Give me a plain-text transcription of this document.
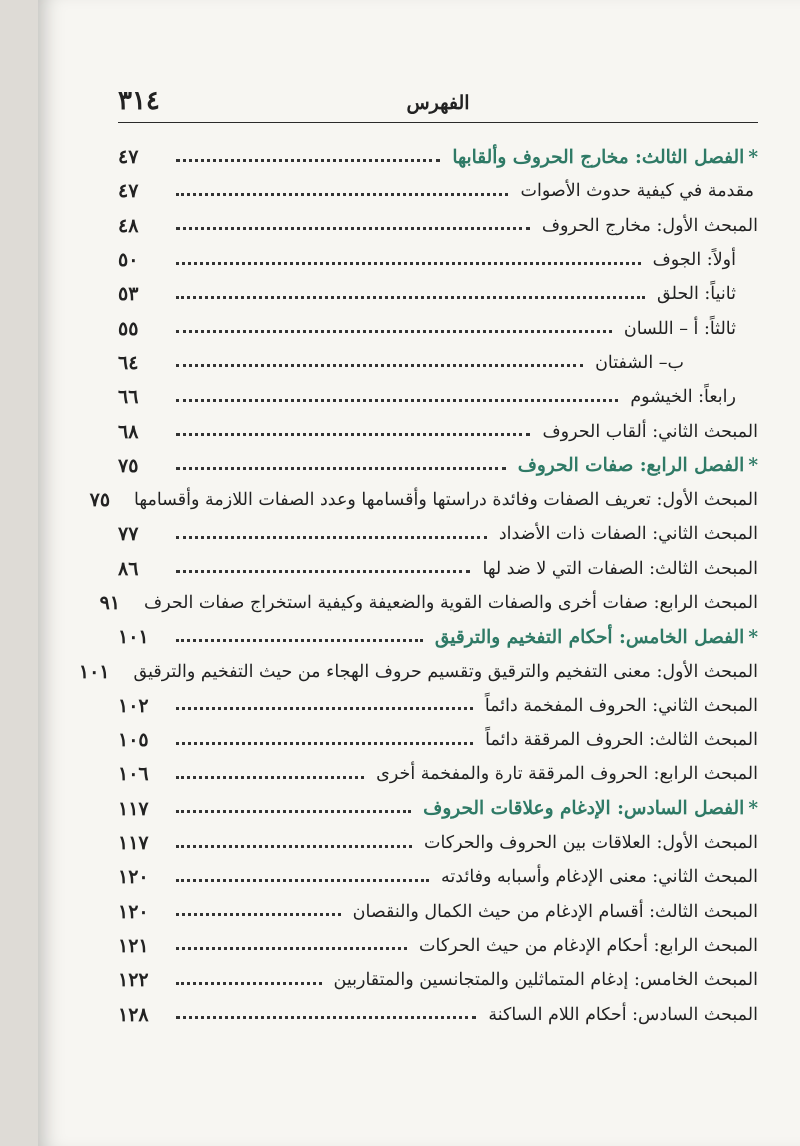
٣١٤	الفهرس
*الفصل الثالث: مخارج الحروف وألقابها
٤٧
مقدمة في كيفية حدوث الأصوات
٤٧
المبحث الأول: مخارج الحروف
٤٨
أولاً: الجوف
٥٠
ثانياً: الحلق
٥٣
ثالثاً: أ – اللسان
٥٥
ب– الشفتان
٦٤
رابعاً: الخيشوم
٦٦
المبحث الثاني: ألقاب الحروف
٦٨
*الفصل الرابع: صفات الحروف
٧٥
المبحث الأول: تعريف الصفات وفائدة دراستها وأقسامها وعدد الصفات اللازمة وأقسامها
٧٥
المبحث الثاني: الصفات ذات الأضداد
٧٧
المبحث الثالث: الصفات التي لا ضد لها
٨٦
المبحث الرابع: صفات أخرى والصفات القوية والضعيفة وكيفية استخراج صفات الحرف
٩١
*الفصل الخامس: أحكام التفخيم والترقيق
١٠١
المبحث الأول: معنى التفخيم والترقيق وتقسيم حروف الهجاء من حيث التفخيم والترقيق
١٠١
المبحث الثاني: الحروف المفخمة دائماً
١٠٢
المبحث الثالث: الحروف المرققة دائماً
١٠٥
المبحث الرابع: الحروف المرققة تارة والمفخمة أخرى
١٠٦
*الفصل السادس: الإدغام وعلاقات الحروف
١١٧
المبحث الأول: العلاقات بين الحروف والحركات
١١٧
المبحث الثاني: معنى الإدغام وأسبابه وفائدته
١٢٠
المبحث الثالث: أقسام الإدغام من حيث الكمال والنقصان
١٢٠
المبحث الرابع: أحكام الإدغام من حيث الحركات
١٢١
المبحث الخامس: إدغام المتماثلين والمتجانسين والمتقاربين
١٢٢
المبحث السادس: أحكام اللام الساكنة
١٢٨
